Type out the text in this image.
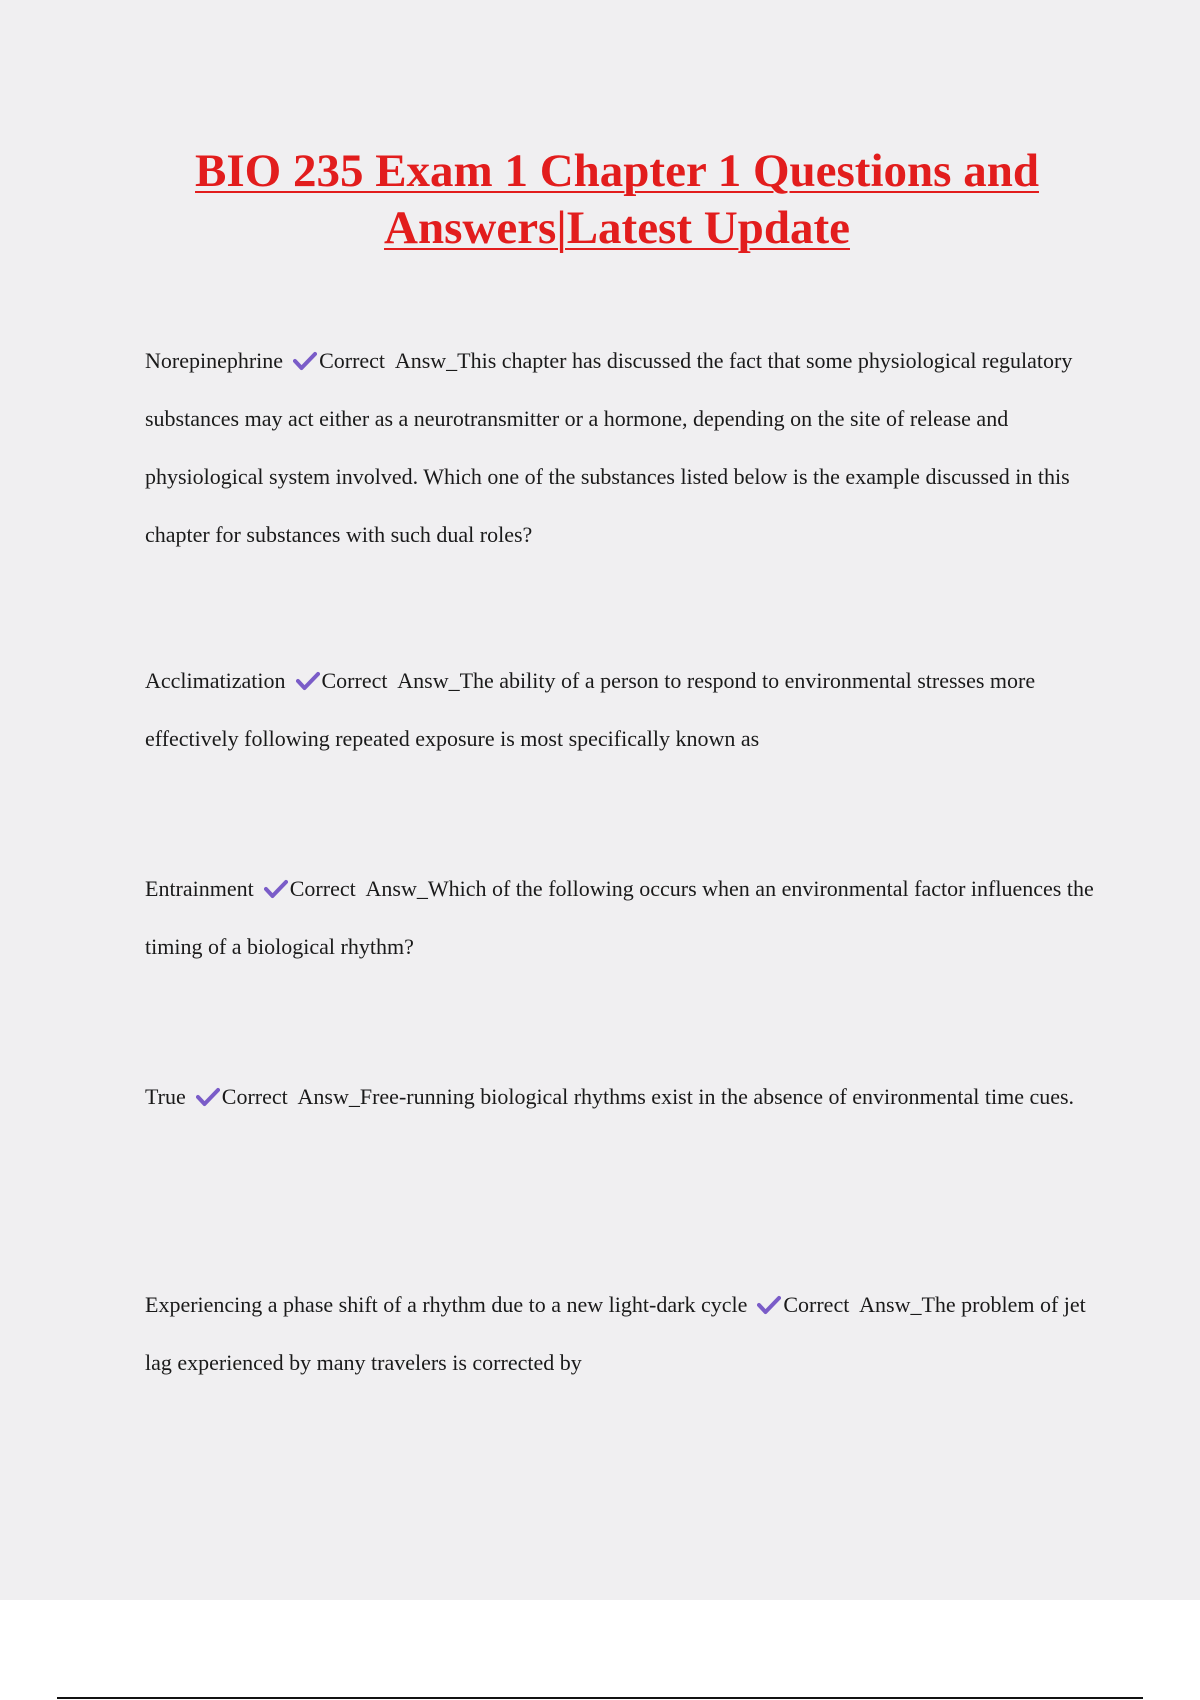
BIO 235 Exam 1 Chapter 1 Questions and Answers|Latest Update

Norepinephrine Correct  Answ_This chapter has discussed the fact that some physiological regulatory substances may act either as a neurotransmitter or a hormone, depending on the site of release and physiological system involved. Which one of the substances listed below is the example discussed in this chapter for substances with such dual roles?

Acclimatization Correct  Answ_The ability of a person to respond to environmental stresses more effectively following repeated exposure is most specifically known as

Entrainment Correct  Answ_Which of the following occurs when an environmental factor influences the timing of a biological rhythm?

True Correct  Answ_Free-running biological rhythms exist in the absence of environmental time cues.

Experiencing a phase shift of a rhythm due to a new light-dark cycle Correct  Answ_The problem of jet lag experienced by many travelers is corrected by
